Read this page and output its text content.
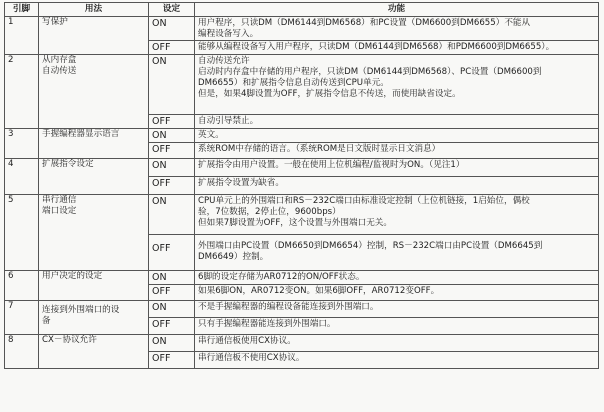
引脚	用法	设定	功能
1	写保护	ON	用户程序，只读DM（DM6144到DM6568）和PC设置（DM6600到DM6655）不能从
编程设备写入。

		OFF	能够从编程设备写入用户程序，只读DM（DM6144到DM6568）和PDM6600到DM6655）。

2	从内存盒
自动传送	ON	自动传送允许
启动时内存盒中存储的用户程序，只读DM（DM6144到DM6568）、PC设置（DM6600到
DM6655）和扩展指令信息自动传送到CPU单元。
但是，如果4脚设置为OFF，扩展指令信息不传送，而使用缺省设定。

		OFF	自动引导禁止。

3	手握编程器显示语言	ON	英文。

		OFF	系统ROM中存储的语言。（系统ROM是日文版时显示日文消息）

4	扩展指令设定	ON	扩展指令由用户设置。一般在使用上位机编程/监视时为ON。（见注1）

		OFF	扩展指令设置为缺省。

5	串行通信
端口设定	ON	CPU单元上的外围端口和RS－232C端口由标准设定控制（上位机链接，1启始位，偶校
验，7位数据，2停止位，9600bps）
但如果7脚设置为OFF，这个设置与外围端口无关。

		OFF	外围端口由PC设置（DM6650到DM6654）控制，RS－232C端口由PC设置（DM6645到
DM6649）控制。

6	用户决定的设定	ON	6脚的设定存储为AR0712的ON/OFF状态。

		OFF	如果6脚ON，AR0712变ON。如果6脚OFF，AR0712变OFF。

7	连接到外围端口的设
备	ON	不是手握编程器的编程设备能连接到外围端口。

		OFF	只有手握编程器能连接到外围端口。

8	CX－协议允许	ON	串行通信板使用CX协议。

		OFF	串行通信板不使用CX协议。
